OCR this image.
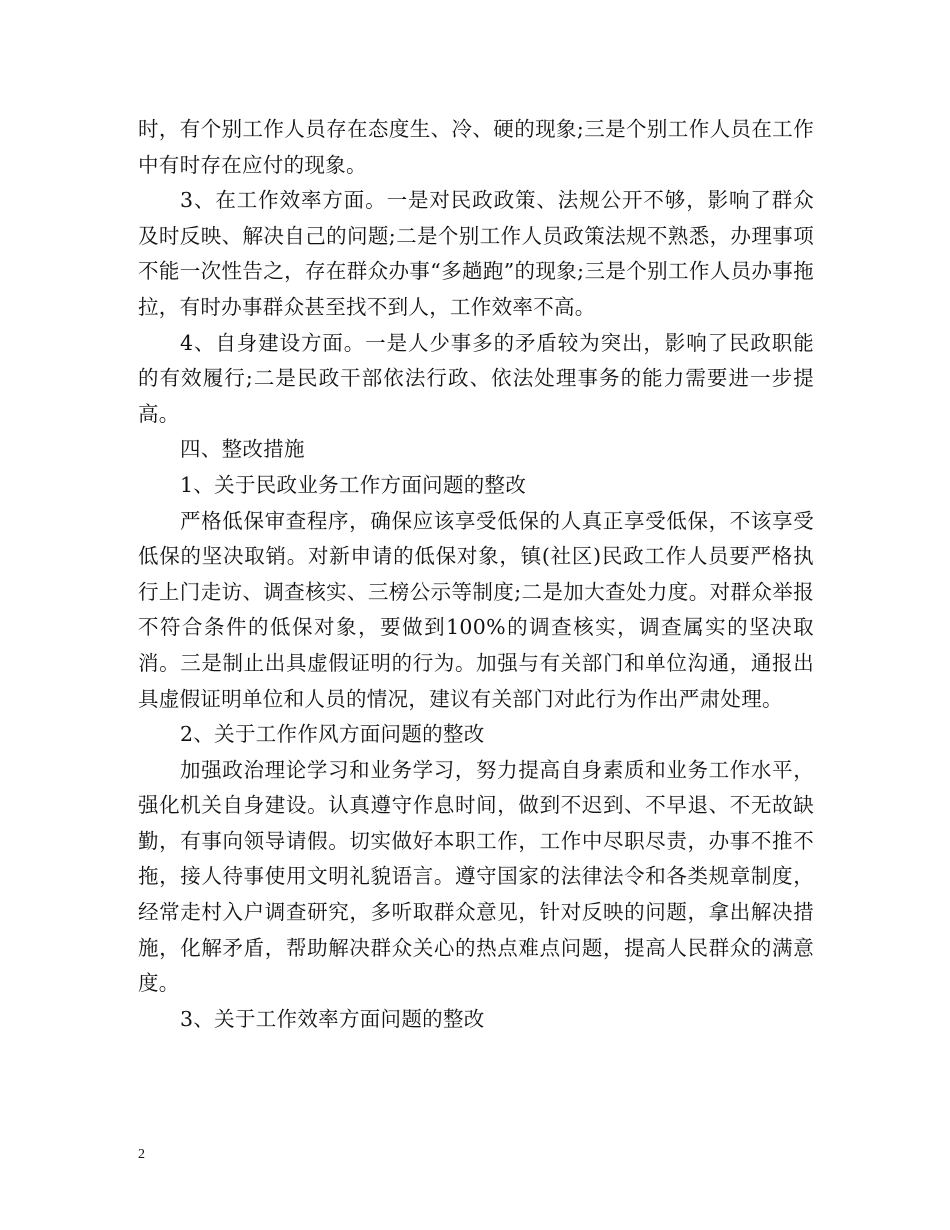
时，有个别工作人员存在态度生、冷、硬的现象;三是个别工作人员在工作中有时存在应付的现象。

3、在工作效率方面。一是对民政政策、法规公开不够，影响了群众及时反映、解决自己的问题;二是个别工作人员政策法规不熟悉，办理事项不能一次性告之，存在群众办事“多趟跑”的现象;三是个别工作人员办事拖拉，有时办事群众甚至找不到人，工作效率不高。

4、自身建设方面。一是人少事多的矛盾较为突出，影响了民政职能的有效履行;二是民政干部依法行政、依法处理事务的能力需要进一步提高。

四、整改措施

1、关于民政业务工作方面问题的整改

严格低保审查程序，确保应该享受低保的人真正享受低保，不该享受低保的坚决取销。对新申请的低保对象，镇(社区)民政工作人员要严格执行上门走访、调查核实、三榜公示等制度;二是加大查处力度。对群众举报不符合条件的低保对象，要做到100%的调查核实，调查属实的坚决取消。三是制止出具虚假证明的行为。加强与有关部门和单位沟通，通报出具虚假证明单位和人员的情况，建议有关部门对此行为作出严肃处理。

2、关于工作作风方面问题的整改

加强政治理论学习和业务学习，努力提高自身素质和业务工作水平，强化机关自身建设。认真遵守作息时间，做到不迟到、不早退、不无故缺勤，有事向领导请假。切实做好本职工作，工作中尽职尽责，办事不推不拖，接人待事使用文明礼貌语言。遵守国家的法律法令和各类规章制度，经常走村入户调查研究，多听取群众意见，针对反映的问题，拿出解决措施，化解矛盾，帮助解决群众关心的热点难点问题，提高人民群众的满意度。

3、关于工作效率方面问题的整改

2
